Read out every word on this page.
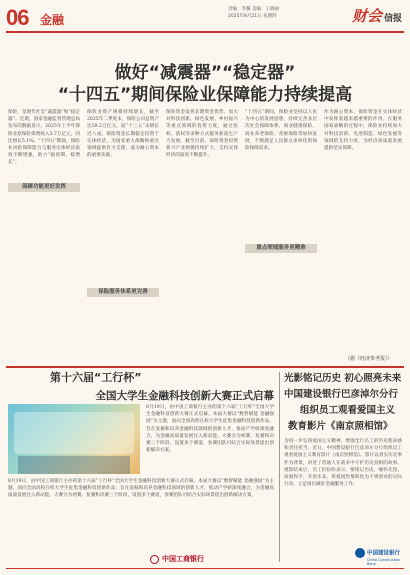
06 金融
责编：李馨 美编：王晓丽
2025年8月21日 星期四	财会 信报
做好“减震器”“稳定器”
“十四五”期间保险业保障能力持续提高
保险，是现代社会“减震器”和“稳定器”。近期，国家金融监督管理总局发布的数据显示，2025年上半年保险业原保险保费收入3.7万亿元，同比增长5.1%。“十四五”期间，保险业风险保障能力与服务实体经济质效不断增强，助力“稳预期、稳增长”。
保障功能更好发挥
保险业资产规模持续增长，截至2025年二季度末，保险公司总资产达39.2万亿元，较“十三五”末增长近八成。保险资金长期稳定投资于实体经济，为国家重大战略和重点领域提供有力支撑，成为耐心资本的重要来源。
保险服务体系更完善
保险资金发挥长期资金优势，加大对科技创新、绿色发展、乡村振兴等重点领域的投资力度，通过股权、债权等多种方式服务新质生产力发展。截至目前，保险资金投资新兴产业规模持续扩大，支持实体经济的质效不断提升。
“十四五”期间，保险业坚持以人民为中心的发展思想，持续完善多层次社会保障体系，商业健康保险、商业养老保险、普惠保险等加快发展，不断满足人民群众多样化的保险保障需求。
重点领域服务更精准
作为耐心资本，保险资金在实体经济中发挥着越来越重要的作用。在服务国家战略的过程中，保险业持续加大对科技创新、先进制造、绿色发展等领域的支持力度，为经济高质量发展提供坚实保障。
（据《经济参考报》）
第十六届“工行杯”
全国大学生金融科技创新大赛正式启幕
8月19日，由中国工商银行主办的第十六届“工行杯”全国大学生金融科技创新大赛正式启幕。本届大赛以“数智赋能 金融强国”为主题，面向全国高校在校大学生征集金融科技创新作品，旨在发掘和培养金融科技领域的创新人才，推动产学研深度融合，为金融高质量发展注入新动能。大赛分为初赛、复赛和决赛三个阶段，设置多个赛道，参赛团队可结合实际场景提出创新解决方案。
8月19日，由中国工商银行主办的第十六届“工行杯”全国大学生金融科技创新大赛正式启幕。本届大赛以“数智赋能 金融强国”为主题，面向全国高校在校大学生征集金融科技创新作品，旨在发掘和培养金融科技领域的创新人才，推动产学研深度融合，为金融高质量发展注入新动能。大赛分为初赛、复赛和决赛三个阶段，设置多个赛道，参赛团队可结合实际场景提出创新解决方案。
中国工商银行
光影铭记历史 初心照亮未来
中国建设银行巴彦淖尔分行
组织员工观看爱国主义
教育影片《南京照相馆》
为进一步弘扬爱国主义精神，增强全行员工的历史使命感和责任担当，近日，中国建设银行巴彦淖尔分行组织员工观看爱国主义教育影片《南京照相馆》。影片以真实历史事件为背景，讲述了普通人在战争中守护历史真相的故事。观影结束后，员工们纷纷表示，要铭记历史、缅怀先烈、珍爱和平、开创未来，将爱国热情转化为干事创业的实际行动，立足岗位做好金融服务工作。
中国建设银行
China Construction Bank
